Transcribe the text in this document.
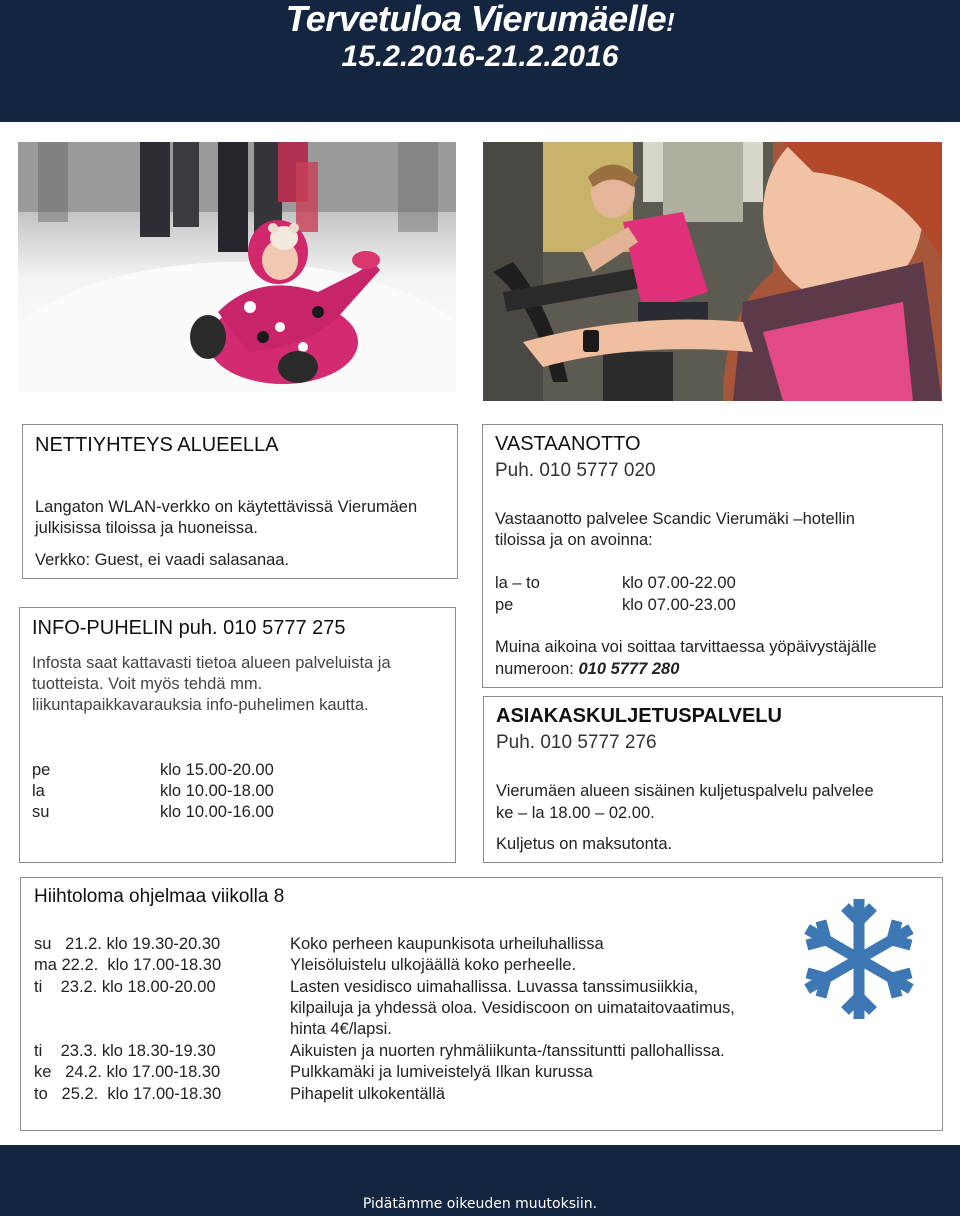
Tervetuloa Vierumäelle!
15.2.2016-21.2.2016
NETTIYHTEYS ALUEELLA
Langaton WLAN-verkko on käytettävissä Vierumäen
julkisissa tiloissa ja huoneissa.
Verkko: Guest, ei vaadi salasanaa.
INFO-PUHELIN puh. 010 5777 275
Infosta saat kattavasti tietoa alueen palveluista ja
tuotteista. Voit myös tehdä mm.
liikuntapaikkavarauksia info-puhelimen kautta.
pe	klo 15.00-20.00
la	klo 10.00-18.00
su	klo 10.00-16.00
VASTAANOTTO
Puh. 010 5777 020
Vastaanotto palvelee Scandic Vierumäki –hotellin
tiloissa ja on avoinna:
la – to	klo 07.00-22.00
pe	klo 07.00-23.00
Muina aikoina voi soittaa tarvittaessa yöpäivystäjälle
numeroon: 010 5777 280
ASIAKASKULJETUSPALVELU
Puh. 010 5777 276
Vierumäen alueen sisäinen kuljetuspalvelu palvelee
ke – la 18.00 – 02.00.
Kuljetus on maksutonta.
Hiihtoloma ohjelmaa viikolla 8
su   21.2. klo 19.30-20.30	Koko perheen kaupunkisota urheiluhallissa
ma 22.2.  klo 17.00-18.30	Yleisöluistelu ulkojäällä koko perheelle.
ti    23.2. klo 18.00-20.00	Lasten vesidisco uimahallissa. Luvassa tanssimusiikkia,
kilpailuja ja yhdessä oloa. Vesidiscoon on uimataitovaatimus,
hinta 4€/lapsi.
ti    23.3. klo 18.30-19.30	Aikuisten ja nuorten ryhmäliikunta-/tanssituntti pallohallissa.
ke   24.2. klo 17.00-18.30	Pulkkamäki ja lumiveistelyä Ilkan kurussa
to   25.2.  klo 17.00-18.30	Pihapelit ulkokentällä
Pidätämme oikeuden muutoksiin.
